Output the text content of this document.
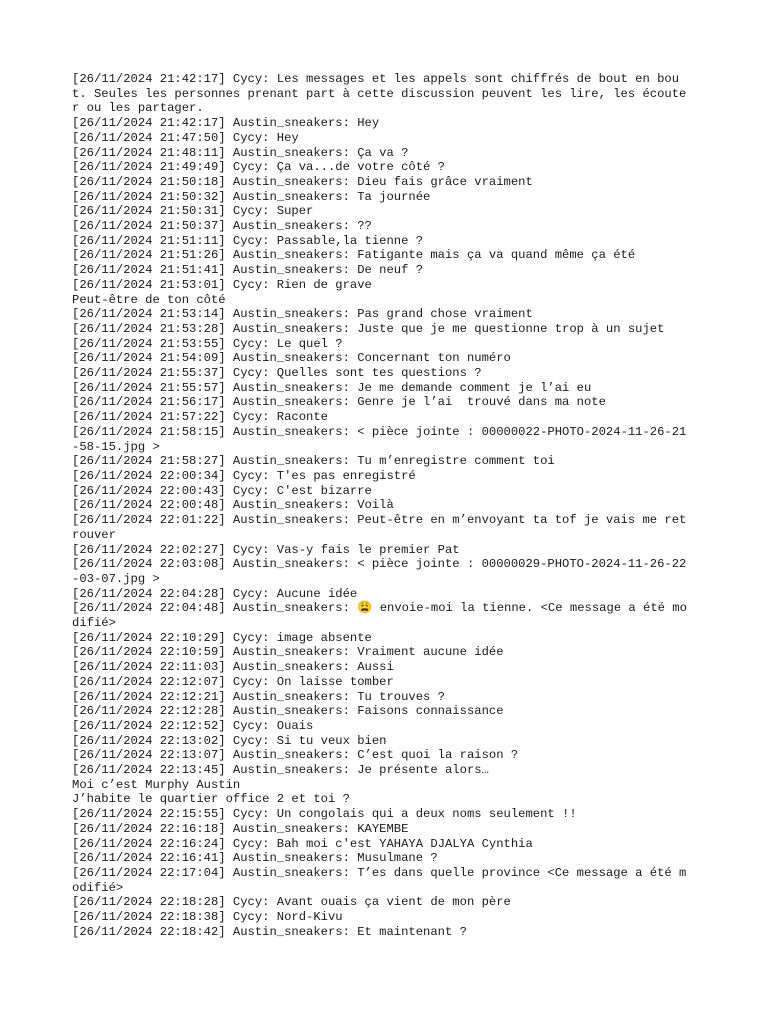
[26/11/2024 21:42:17] Cycy: Les messages et les appels sont chiffrés de bout en bout. Seules les personnes prenant part à cette discussion peuvent les lire, les écouter ou les partager.
[26/11/2024 21:42:17] Austin_sneakers: Hey
[26/11/2024 21:47:50] Cycy: Hey
[26/11/2024 21:48:11] Austin_sneakers: Ça va ?
[26/11/2024 21:49:49] Cycy: Ça va...de votre côté ?
[26/11/2024 21:50:18] Austin_sneakers: Dieu fais grâce vraiment
[26/11/2024 21:50:32] Austin_sneakers: Ta journée
[26/11/2024 21:50:31] Cycy: Super
[26/11/2024 21:50:37] Austin_sneakers: ??
[26/11/2024 21:51:11] Cycy: Passable,la tienne ?
[26/11/2024 21:51:26] Austin_sneakers: Fatigante mais ça va quand même ça été
[26/11/2024 21:51:41] Austin_sneakers: De neuf ?
[26/11/2024 21:53:01] Cycy: Rien de grave
Peut-être de ton côté
[26/11/2024 21:53:14] Austin_sneakers: Pas grand chose vraiment
[26/11/2024 21:53:28] Austin_sneakers: Juste que je me questionne trop à un sujet
[26/11/2024 21:53:55] Cycy: Le quel ?
[26/11/2024 21:54:09] Austin_sneakers: Concernant ton numéro
[26/11/2024 21:55:37] Cycy: Quelles sont tes questions ?
[26/11/2024 21:55:57] Austin_sneakers: Je me demande comment je l’ai eu
[26/11/2024 21:56:17] Austin_sneakers: Genre je l’ai  trouvé dans ma note
[26/11/2024 21:57:22] Cycy: Raconte
[26/11/2024 21:58:15] Austin_sneakers: < pièce jointe : 00000022-PHOTO-2024-11-26-21-58-15.jpg >
[26/11/2024 21:58:27] Austin_sneakers: Tu m’enregistre comment toi
[26/11/2024 22:00:34] Cycy: T'es pas enregistré
[26/11/2024 22:00:43] Cycy: C'est bizarre
[26/11/2024 22:00:48] Austin_sneakers: Voilà
[26/11/2024 22:01:22] Austin_sneakers: Peut-être en m’envoyant ta tof je vais me retrouver
[26/11/2024 22:02:27] Cycy: Vas-y fais le premier Pat
[26/11/2024 22:03:08] Austin_sneakers: < pièce jointe : 00000029-PHOTO-2024-11-26-22-03-07.jpg >
[26/11/2024 22:04:28] Cycy: Aucune idée
[26/11/2024 22:04:48] Austin_sneakers: 😩 envoie-moi la tienne. <Ce message a été modifié>
[26/11/2024 22:10:29] Cycy: image absente
[26/11/2024 22:10:59] Austin_sneakers: Vraiment aucune idée
[26/11/2024 22:11:03] Austin_sneakers: Aussi
[26/11/2024 22:12:07] Cycy: On laisse tomber
[26/11/2024 22:12:21] Austin_sneakers: Tu trouves ?
[26/11/2024 22:12:28] Austin_sneakers: Faisons connaissance
[26/11/2024 22:12:52] Cycy: Ouais
[26/11/2024 22:13:02] Cycy: Si tu veux bien
[26/11/2024 22:13:07] Austin_sneakers: C’est quoi la raison ?
[26/11/2024 22:13:45] Austin_sneakers: Je présente alors…
Moi c’est Murphy Austin
J’habite le quartier office 2 et toi ?
[26/11/2024 22:15:55] Cycy: Un congolais qui a deux noms seulement !!
[26/11/2024 22:16:18] Austin_sneakers: KAYEMBE
[26/11/2024 22:16:24] Cycy: Bah moi c'est YAHAYA DJALYA Cynthia
[26/11/2024 22:16:41] Austin_sneakers: Musulmane ?
[26/11/2024 22:17:04] Austin_sneakers: T’es dans quelle province <Ce message a été modifié>
[26/11/2024 22:18:28] Cycy: Avant ouais ça vient de mon père
[26/11/2024 22:18:38] Cycy: Nord-Kivu
[26/11/2024 22:18:42] Austin_sneakers: Et maintenant ?
